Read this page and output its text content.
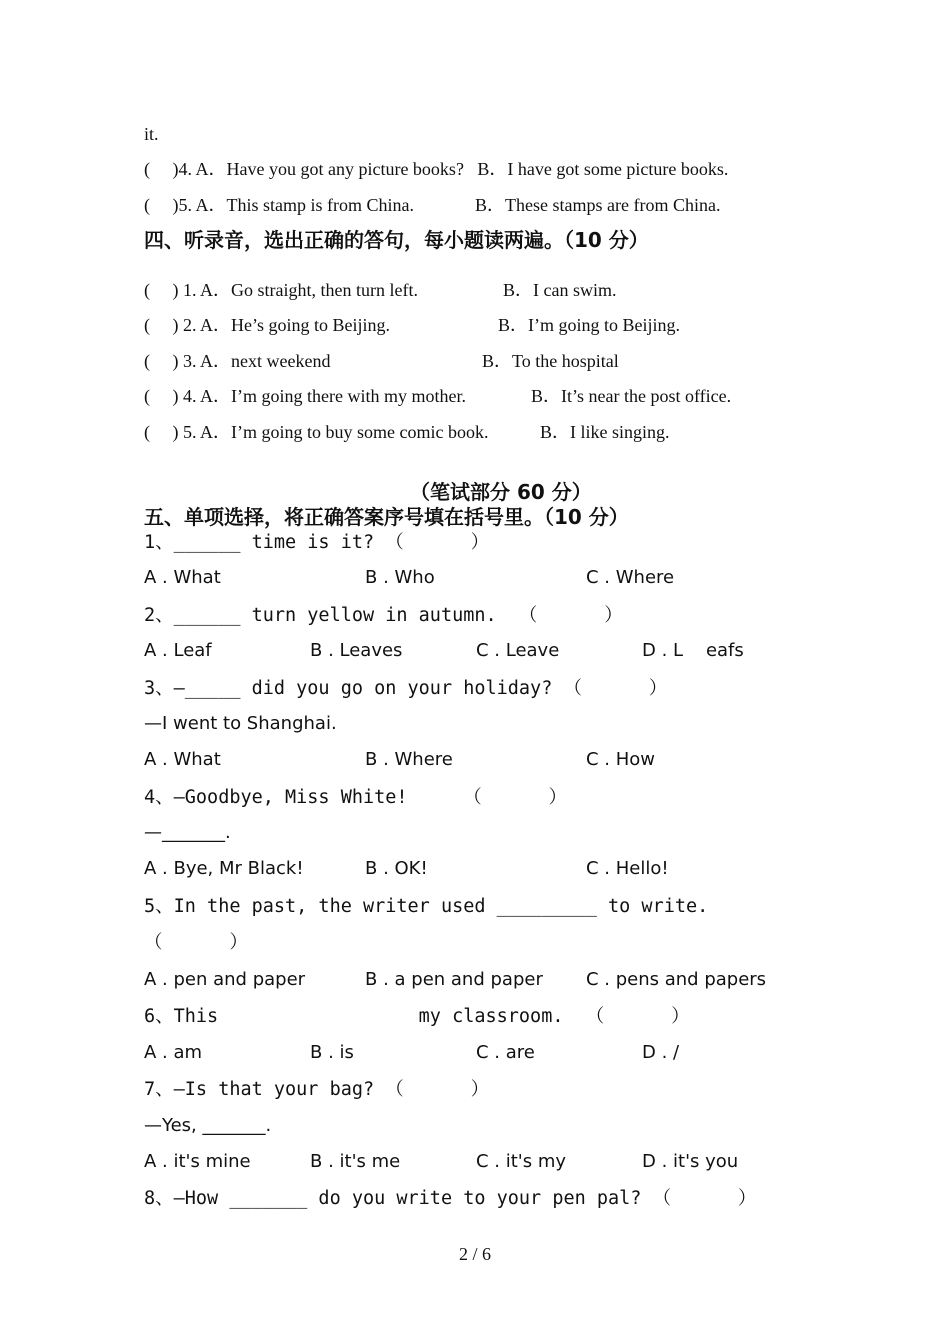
it.
(     )4. A．Have you got any picture books?   B．I have got some picture books.
(     )5. A．This stamp is from China.	B．These stamps are from China.
四、听录音，选出正确的答句，每小题读两遍。（10 分）
(     ) 1. A．Go straight, then turn left.	B．I can swim.
(     ) 2. A．He’s going to Beijing.	B．I’m going to Beijing.
(     ) 3. A．next weekend	B．To the hospital
(     ) 4. A．I’m going there with my mother.	B．It’s near the post office.
(     ) 5. A．I’m going to buy some comic book.	B．I like singing.
（笔试部分 60 分）
五、单项选择，将正确答案序号填在括号里。（10 分）
1、______ time is it? （      ）
A . What	B . Who	C . Where
2、______ turn yellow in autumn.  （      ）
A . Leaf	B . Leaves	C . Leave	D . L    eafs
3、—_____ did you go on your holiday? （      ）
—I went to Shanghai.
A . What	B . Where	C . How
4、—Goodbye, Miss White!     （      ）
—_______.
A . Bye, Mr Black!	B . OK!	C . Hello!
5、In the past, the writer used _________ to write.
（      ）
A . pen and paper	B . a pen and paper C . pens and papers
6、This                  my classroom.  （      ）
A . am	B . is	C . are	D . /
7、—Is that your bag? （      ）
—Yes, _______.
A . it's mine	B . it's me	C . it's my	D . it's you
8、—How _______ do you write to your pen pal? （      ）
2 / 6
